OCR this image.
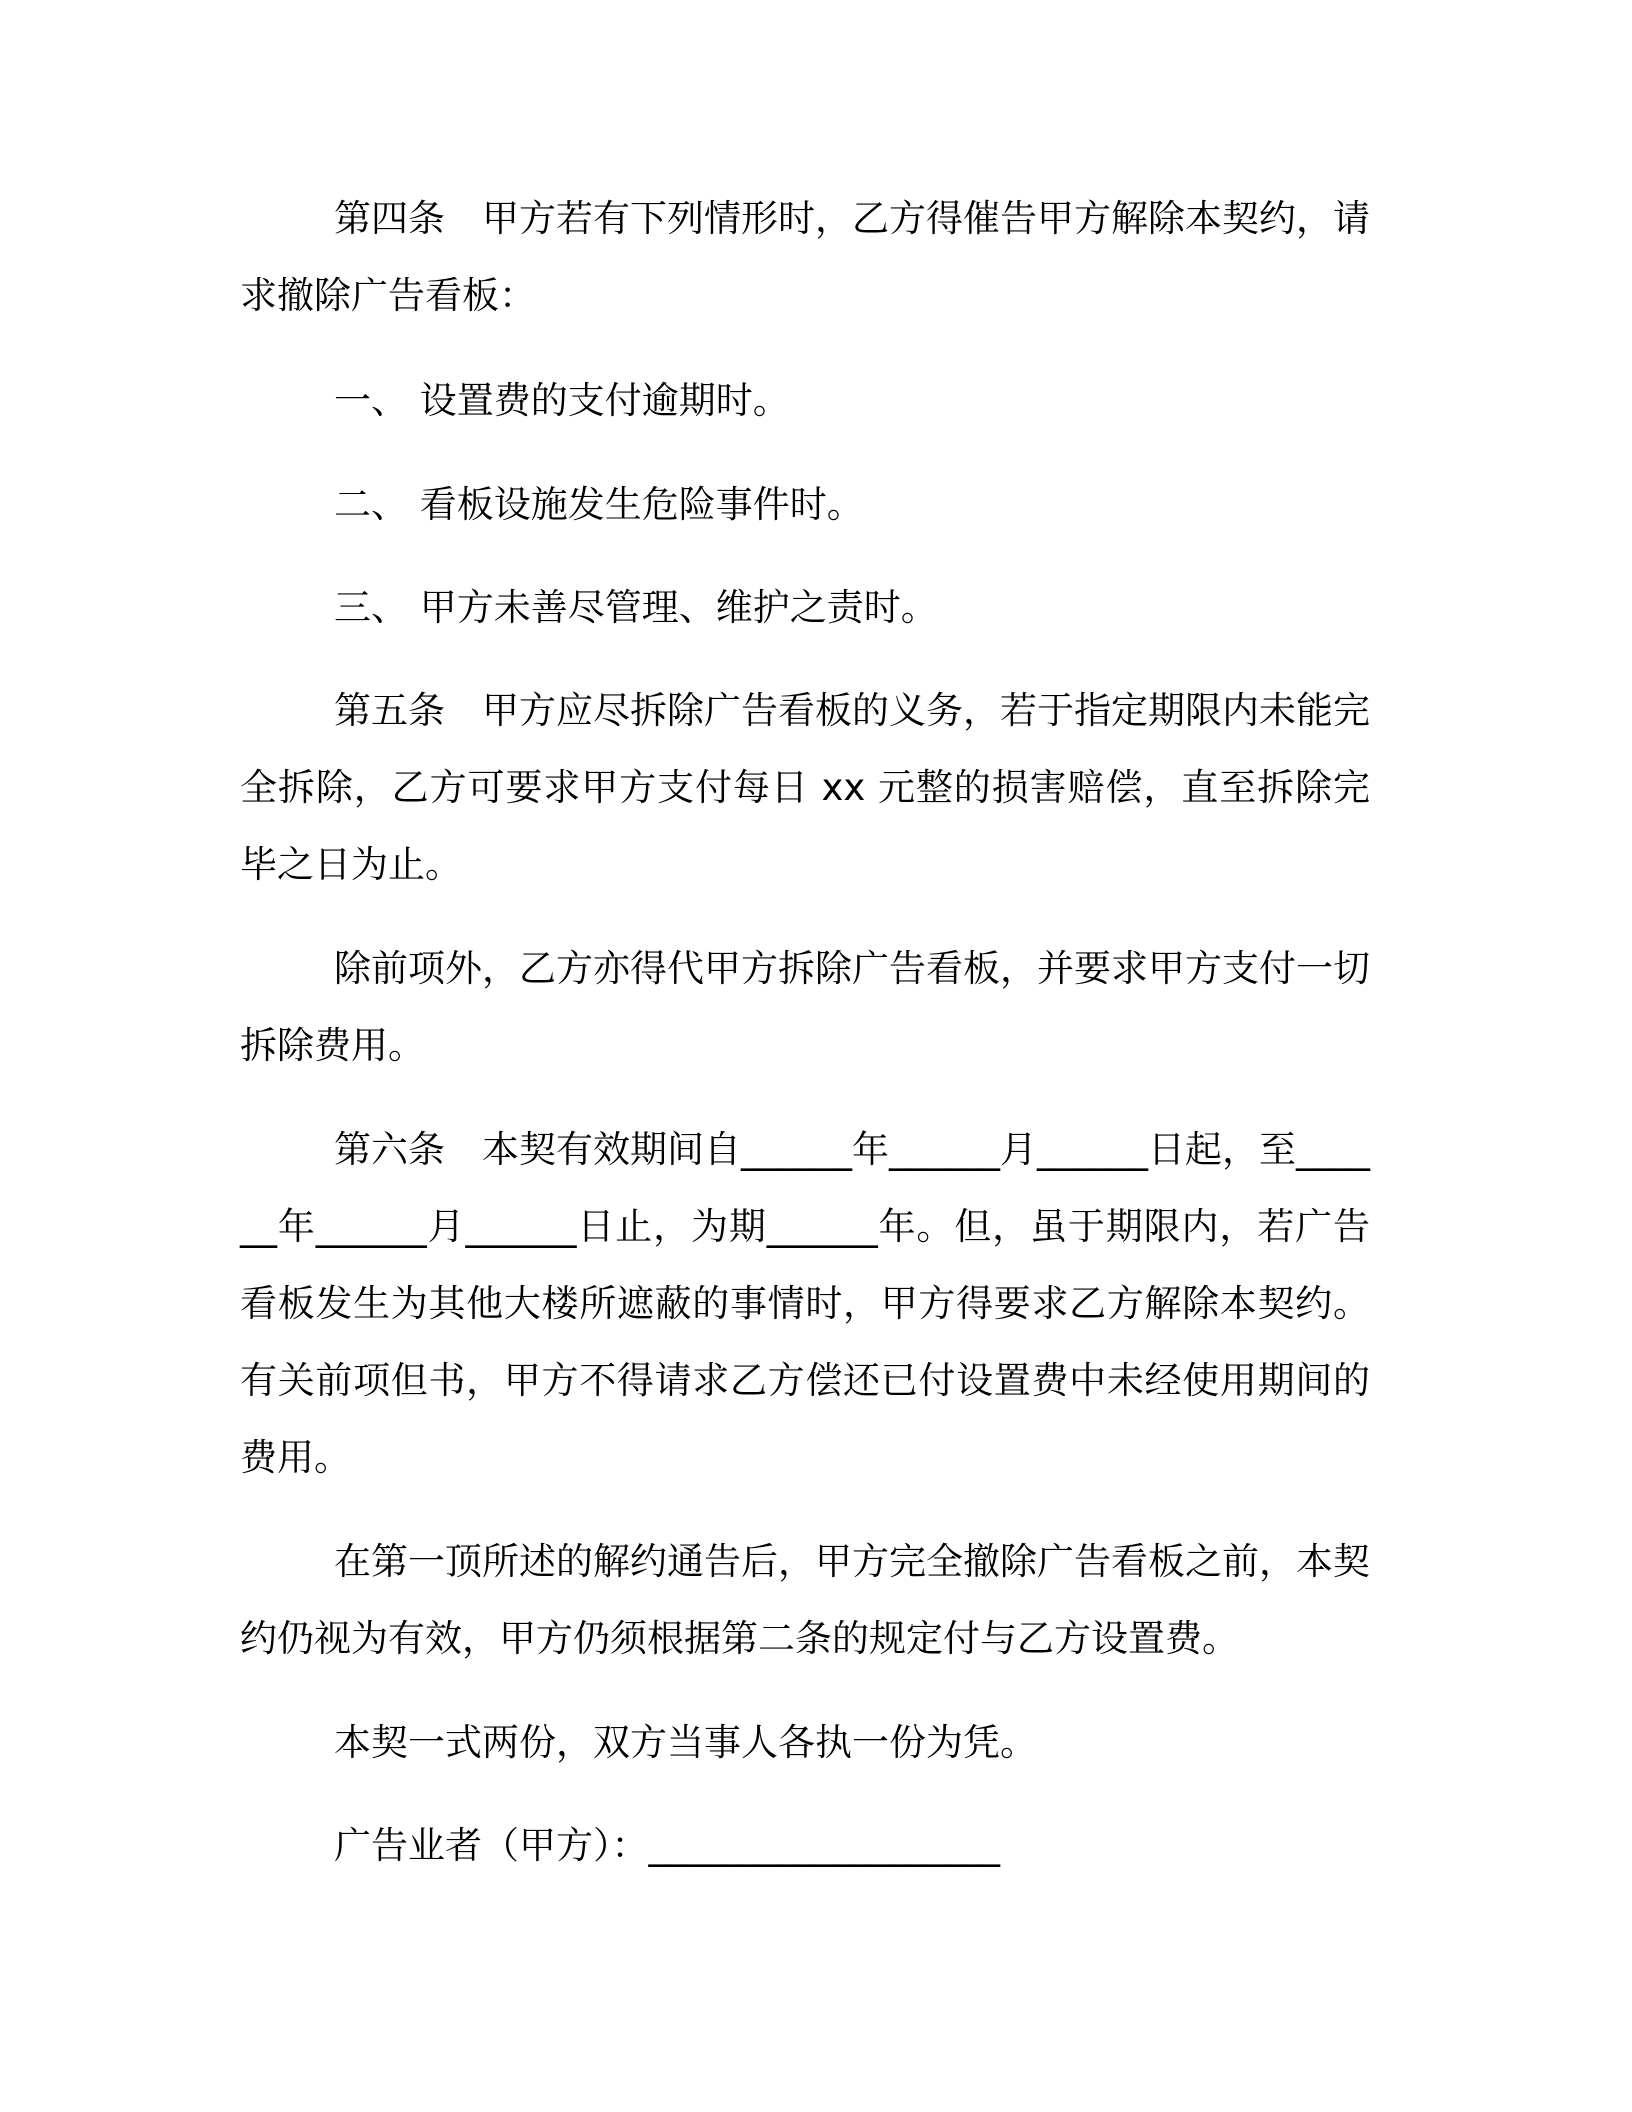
第四条　甲方若有下列情形时，乙方得催告甲方解除本契约，请求撤除广告看板：

一、 设置费的支付逾期时。

二、 看板设施发生危险事件时。

三、 甲方未善尽管理、维护之责时。

第五条　甲方应尽拆除广告看板的义务，若于指定期限内未能完全拆除，乙方可要求甲方支付每日 xx 元整的损害赔偿，直至拆除完毕之日为止。

除前项外，乙方亦得代甲方拆除广告看板，并要求甲方支付一切拆除费用。

第六条　本契有效期间自______年______月______日起，至______年______月______日止，为期______年。但，虽于期限内，若广告看板发生为其他大楼所遮蔽的事情时，甲方得要求乙方解除本契约。有关前项但书，甲方不得请求乙方偿还已付设置费中未经使用期间的费用。

在第一顶所述的解约通告后，甲方完全撤除广告看板之前，本契约仍视为有效，甲方仍须根据第二条的规定付与乙方设置费。

本契一式两份，双方当事人各执一份为凭。

广告业者（甲方）：___________________
